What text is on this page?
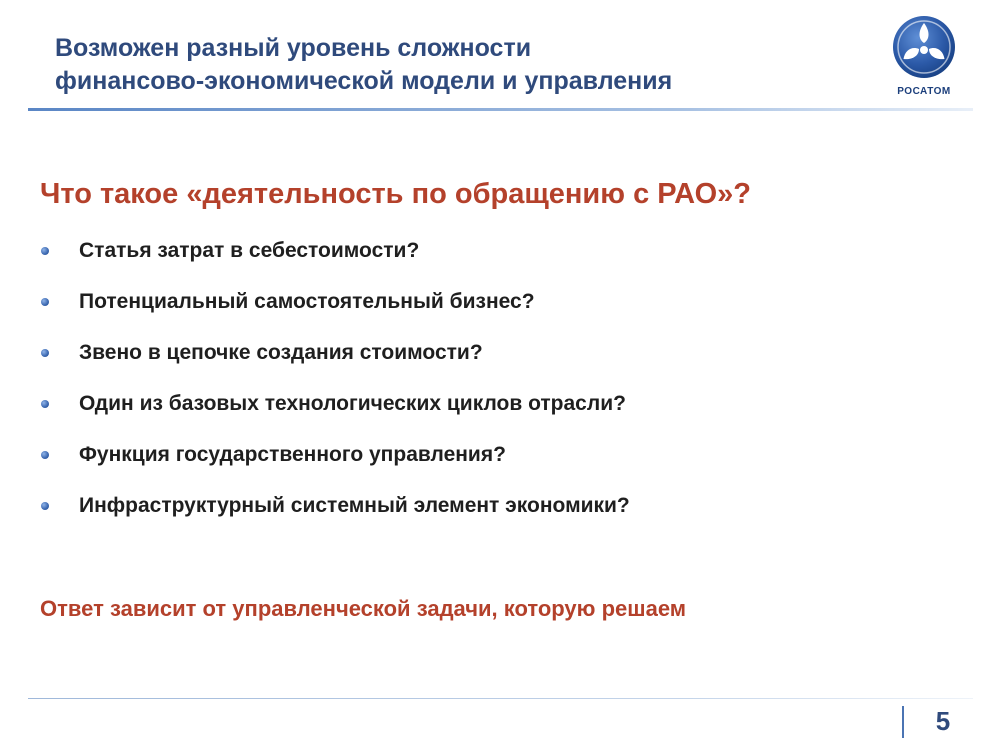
Возможен разный уровень сложности
финансово-экономической модели и управления	РОСАТОМ
Что такое «деятельность по обращению с РАО»?
Статья затрат в себестоимости?
Потенциальный самостоятельный бизнес?
Звено в цепочке создания стоимости?
Один из базовых технологических циклов отрасли?
Функция государственного управления?
Инфраструктурный системный элемент экономики?
Ответ зависит от управленческой задачи, которую решаем
5
